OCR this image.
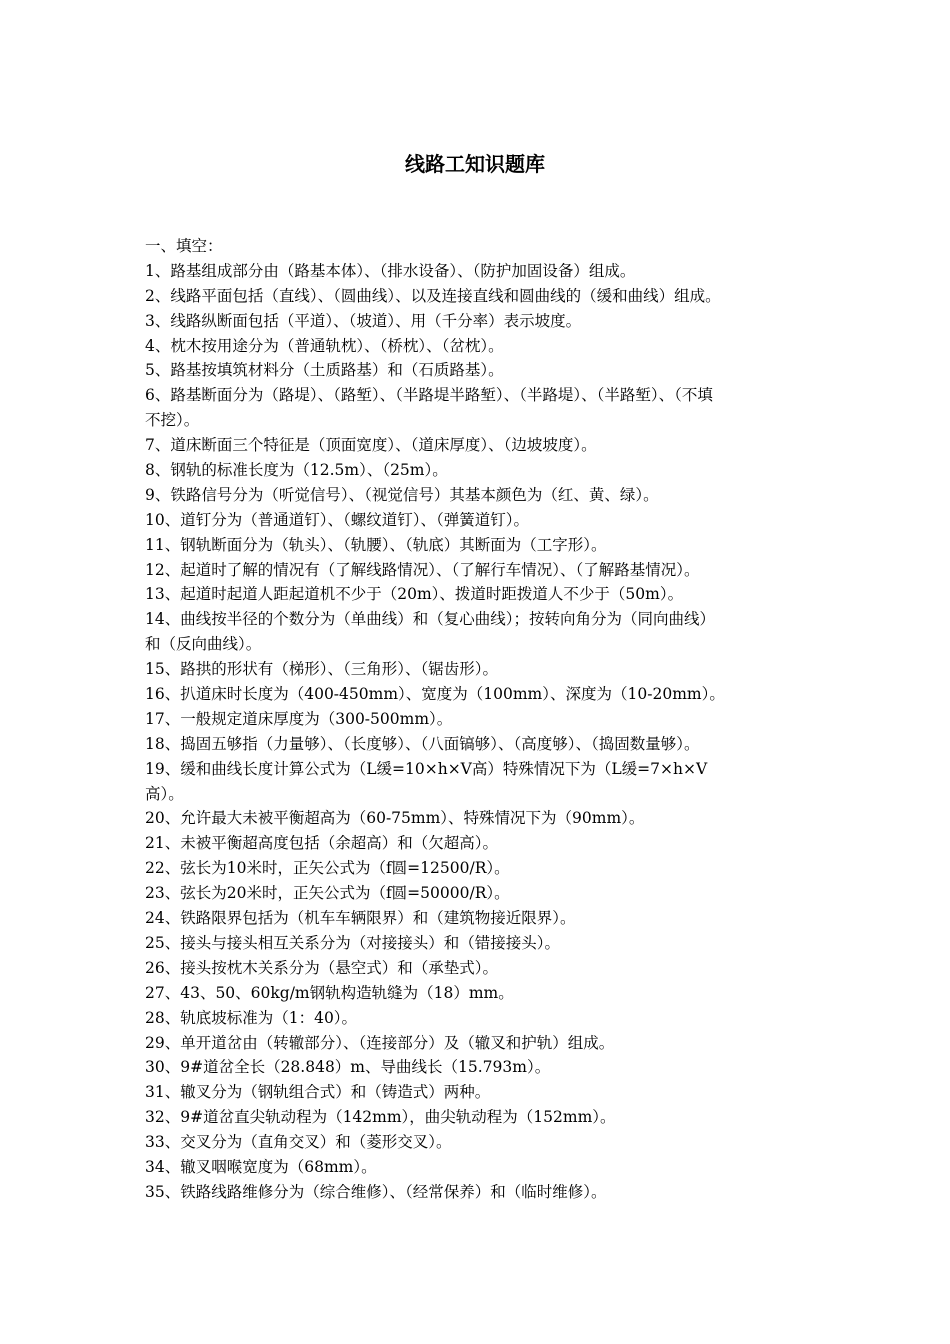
线路工知识题库
一、填空：
1、路基组成部分由（路基本体）、（排水设备）、（防护加固设备）组成。
2、线路平面包括（直线）、（圆曲线）、以及连接直线和圆曲线的（缓和曲线）组成。
3、线路纵断面包括（平道）、（坡道）、用（千分率）表示坡度。
4、枕木按用途分为（普通轨枕）、（桥枕）、（岔枕）。
5、路基按填筑材料分（土质路基）和（石质路基）。
6、路基断面分为（路堤）、（路堑）、（半路堤半路堑）、（半路堤）、（半路堑）、（不填
不挖）。
7、道床断面三个特征是（顶面宽度）、（道床厚度）、（边坡坡度）。
8、钢轨的标准长度为（12.5m）、（25m）。
9、铁路信号分为（听觉信号）、（视觉信号）其基本颜色为（红、黄、绿）。
10、道钉分为（普通道钉）、（螺纹道钉）、（弹簧道钉）。
11、钢轨断面分为（轨头）、（轨腰）、（轨底）其断面为（工字形）。
12、起道时了解的情况有（了解线路情况）、（了解行车情况）、（了解路基情况）。
13、起道时起道人距起道机不少于（20m）、拨道时距拨道人不少于（50m）。
14、曲线按半径的个数分为（单曲线）和（复心曲线）；按转向角分为（同向曲线）
和（反向曲线）。
15、路拱的形状有（梯形）、（三角形）、（锯齿形）。
16、扒道床时长度为（400-450mm）、宽度为（100mm）、深度为（10-20mm）。
17、一般规定道床厚度为（300-500mm）。
18、捣固五够指（力量够）、（长度够）、（八面镐够）、（高度够）、（捣固数量够）。
19、缓和曲线长度计算公式为（L缓=10×h×V高）特殊情况下为（L缓=7×h×V
高）。
20、允许最大未被平衡超高为（60-75mm）、特殊情况下为（90mm）。
21、未被平衡超高度包括（余超高）和（欠超高）。
22、弦长为10米时，正矢公式为（f圆=12500/R）。
23、弦长为20米时，正矢公式为（f圆=50000/R）。
24、铁路限界包括为（机车车辆限界）和（建筑物接近限界）。
25、接头与接头相互关系分为（对接接头）和（错接接头）。
26、接头按枕木关系分为（悬空式）和（承垫式）。
27、43、50、60kg/m钢轨构造轨缝为（18）mm。
28、轨底坡标准为（1：40）。
29、单开道岔由（转辙部分）、（连接部分）及（辙叉和护轨）组成。
30、9#道岔全长（28.848）m、导曲线长（15.793m）。
31、辙叉分为（钢轨组合式）和（铸造式）两种。
32、9#道岔直尖轨动程为（142mm），曲尖轨动程为（152mm）。
33、交叉分为（直角交叉）和（菱形交叉）。
34、辙叉咽喉宽度为（68mm）。
35、铁路线路维修分为（综合维修）、（经常保养）和（临时维修）。
